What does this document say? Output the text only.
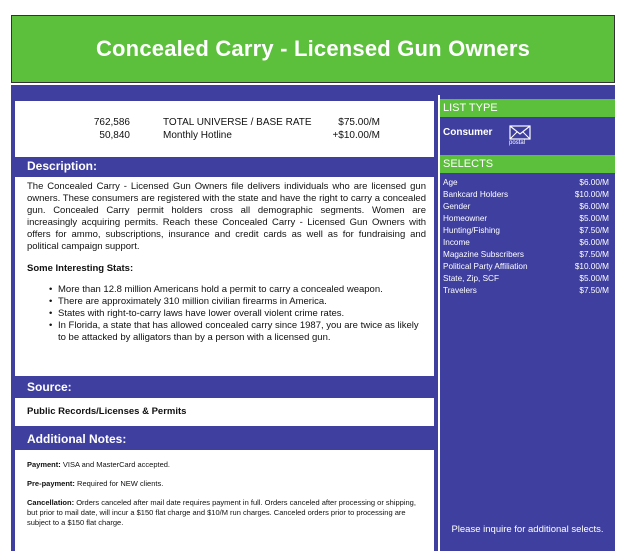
Concealed Carry - Licensed Gun Owners
762,586	TOTAL UNIVERSE / BASE RATE	$75.00/M
50,840	Monthly Hotline	+$10.00/M
Description:

The Concealed Carry - Licensed Gun Owners file delivers individuals who are licensed gun owners. These consumers are registered with the state and have the right to carry a concealed gun. Concealed Carry permit holders cross all demographic segments. Women are increasingly acquiring permits. Reach these Concealed Carry - Licensed Gun Owners with offers for ammo, subscriptions, insurance and credit cards as well as for fundraising and political campaign support.

Some Interesting Stats:

• More than 12.8 million Americans hold a permit to carry a concealed weapon.
• There are approximately 310 million civilian firearms in America.
• States with right-to-carry laws have lower overall violent crime rates.
• In Florida, a state that has allowed concealed carry since 1987, you are twice as likely to be attacked by alligators than by a person with a licensed gun.
Source:
Public Records/Licenses & Permits
Additional Notes:

Payment: VISA and MasterCard accepted.

Pre-payment: Required for NEW clients.

Cancellation: Orders canceled after mail date requires payment in full. Orders canceled after processing or shipping, but prior to mail date, will incur a $150 flat charge and $10/M run charges. Canceled orders prior to processing are subject to a $150 flat charge.

LIST TYPE
Consumer
postal
SELECTS
Age	$6.00/M
Bankcard Holders	$10.00/M
Gender	$6.00/M
Homeowner	$5.00/M
Hunting/Fishing	$7.50/M
Income	$6.00/M
Magazine Subscribers	$7.50/M
Political Party Affiliation	$10.00/M
State, Zip, SCF	$5.00/M
Travelers	$7.50/M
Please inquire for additional selects.
